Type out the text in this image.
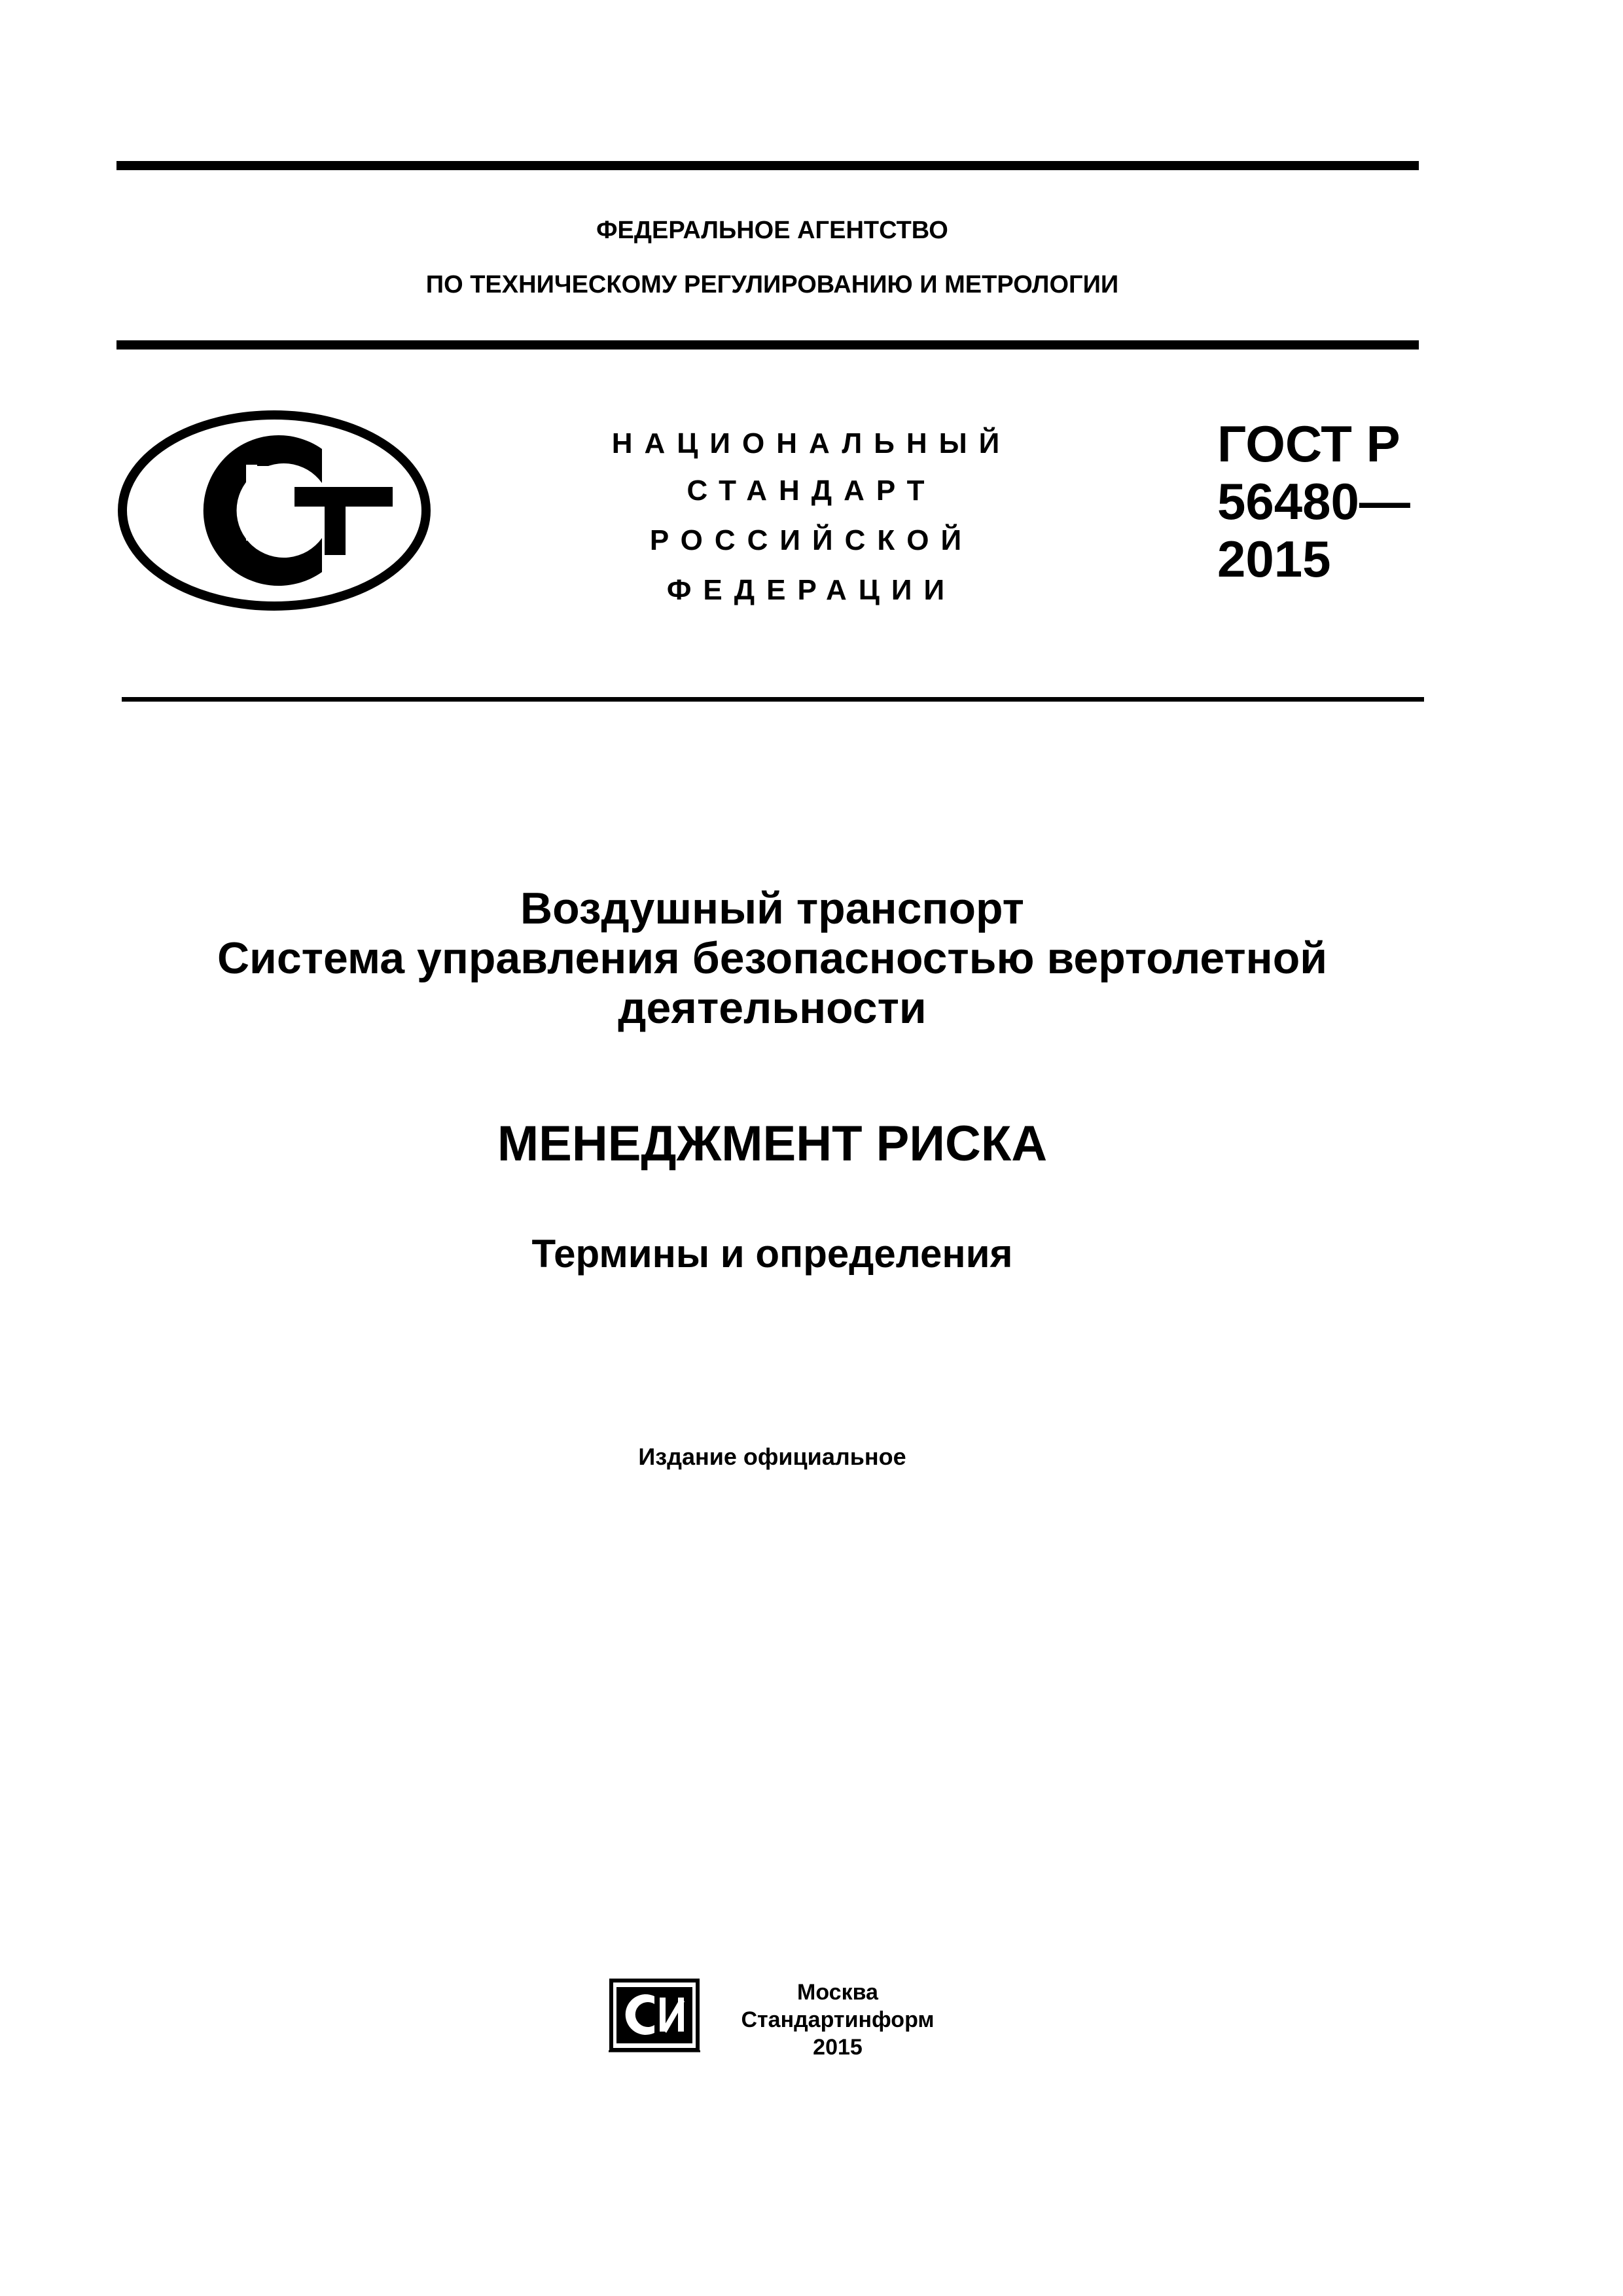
ФЕДЕРАЛЬНОЕ АГЕНТСТВО
ПО ТЕХНИЧЕСКОМУ РЕГУЛИРОВАНИЮ И МЕТРОЛОГИИ
НАЦИОНАЛЬНЫЙ
СТАНДАРТ
РОССИЙСКОЙ
ФЕДЕРАЦИИ
ГОСТ Р
56480—
2015
Воздушный транспорт
Система управления безопасностью вертолетной
деятельности
МЕНЕДЖМЕНТ РИСКА
Термины и определения
Издание официальное
Москва
Стандартинформ
2015
